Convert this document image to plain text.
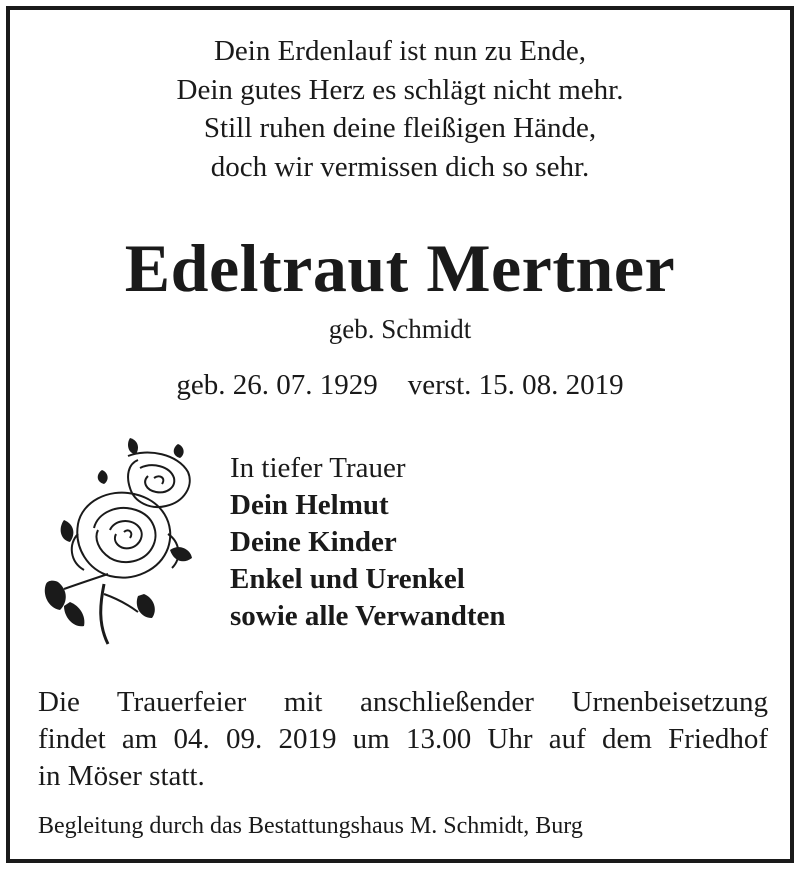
Dein Erdenlauf ist nun zu Ende,
Dein gutes Herz es schlägt nicht mehr.
Still ruhen deine fleißigen Hände,
doch wir vermissen dich so sehr.
Edeltraut Mertner
geb. Schmidt
geb. 26. 07. 1929 verst. 15. 08. 2019
In tiefer Trauer
Dein Helmut
Deine Kinder
Enkel und Urenkel
sowie alle Verwandten
Die Trauerfeier mit anschließender Urnenbeisetzung
findet am 04. 09. 2019 um 13.00 Uhr auf dem Friedhof
in Möser statt.
Begleitung durch das Bestattungshaus M. Schmidt, Burg
